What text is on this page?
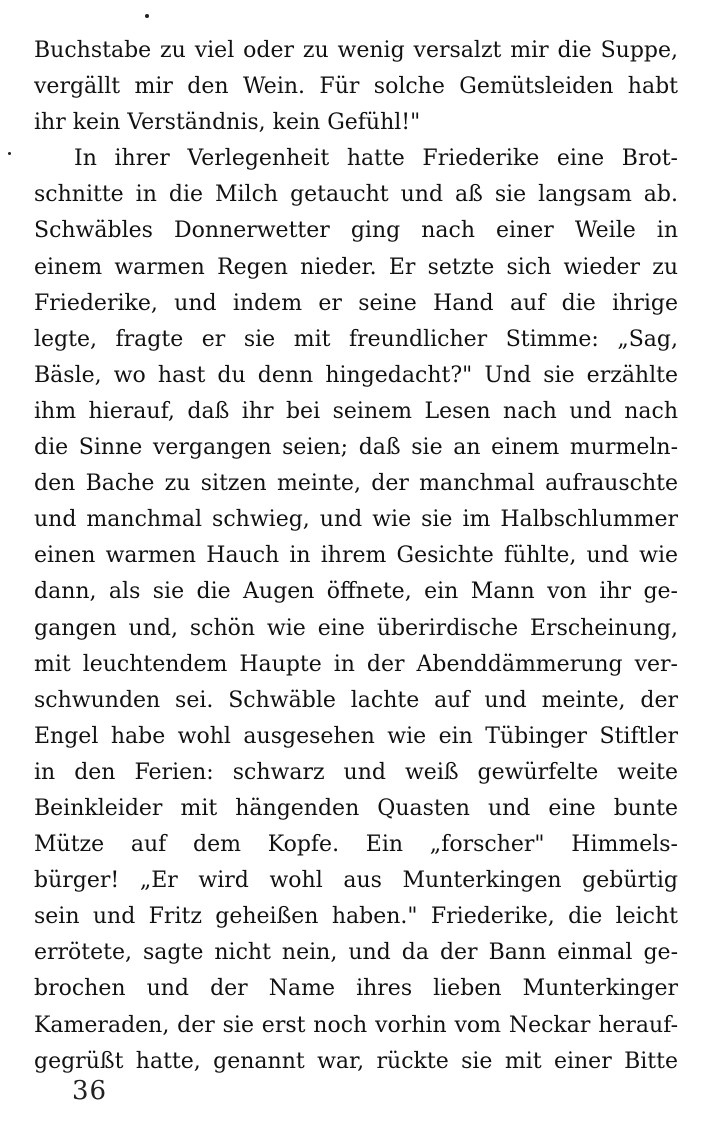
Buchstabe zu viel oder zu wenig versalzt mir die Suppe,
vergällt mir den Wein. Für solche Gemütsleiden habt
ihr kein Verständnis, kein Gefühl!"
In ihrer Verlegenheit hatte Friederike eine Brot-
schnitte in die Milch getaucht und aß sie langsam ab.
Schwäbles Donnerwetter ging nach einer Weile in
einem warmen Regen nieder. Er setzte sich wieder zu
Friederike, und indem er seine Hand auf die ihrige
legte, fragte er sie mit freundlicher Stimme: „Sag,
Bäsle, wo hast du denn hingedacht?" Und sie erzählte
ihm hierauf, daß ihr bei seinem Lesen nach und nach
die Sinne vergangen seien; daß sie an einem murmeln-
den Bache zu sitzen meinte, der manchmal aufrauschte
und manchmal schwieg, und wie sie im Halbschlummer
einen warmen Hauch in ihrem Gesichte fühlte, und wie
dann, als sie die Augen öffnete, ein Mann von ihr ge-
gangen und, schön wie eine überirdische Erscheinung,
mit leuchtendem Haupte in der Abenddämmerung ver-
schwunden sei. Schwäble lachte auf und meinte, der
Engel habe wohl ausgesehen wie ein Tübinger Stiftler
in den Ferien: schwarz und weiß gewürfelte weite
Beinkleider mit hängenden Quasten und eine bunte
Mütze auf dem Kopfe. Ein „forscher" Himmels-
bürger! „Er wird wohl aus Munterkingen gebürtig
sein und Fritz geheißen haben." Friederike, die leicht
errötete, sagte nicht nein, und da der Bann einmal ge-
brochen und der Name ihres lieben Munterkinger
Kameraden, der sie erst noch vorhin vom Neckar herauf-
gegrüßt hatte, genannt war, rückte sie mit einer Bitte
36
